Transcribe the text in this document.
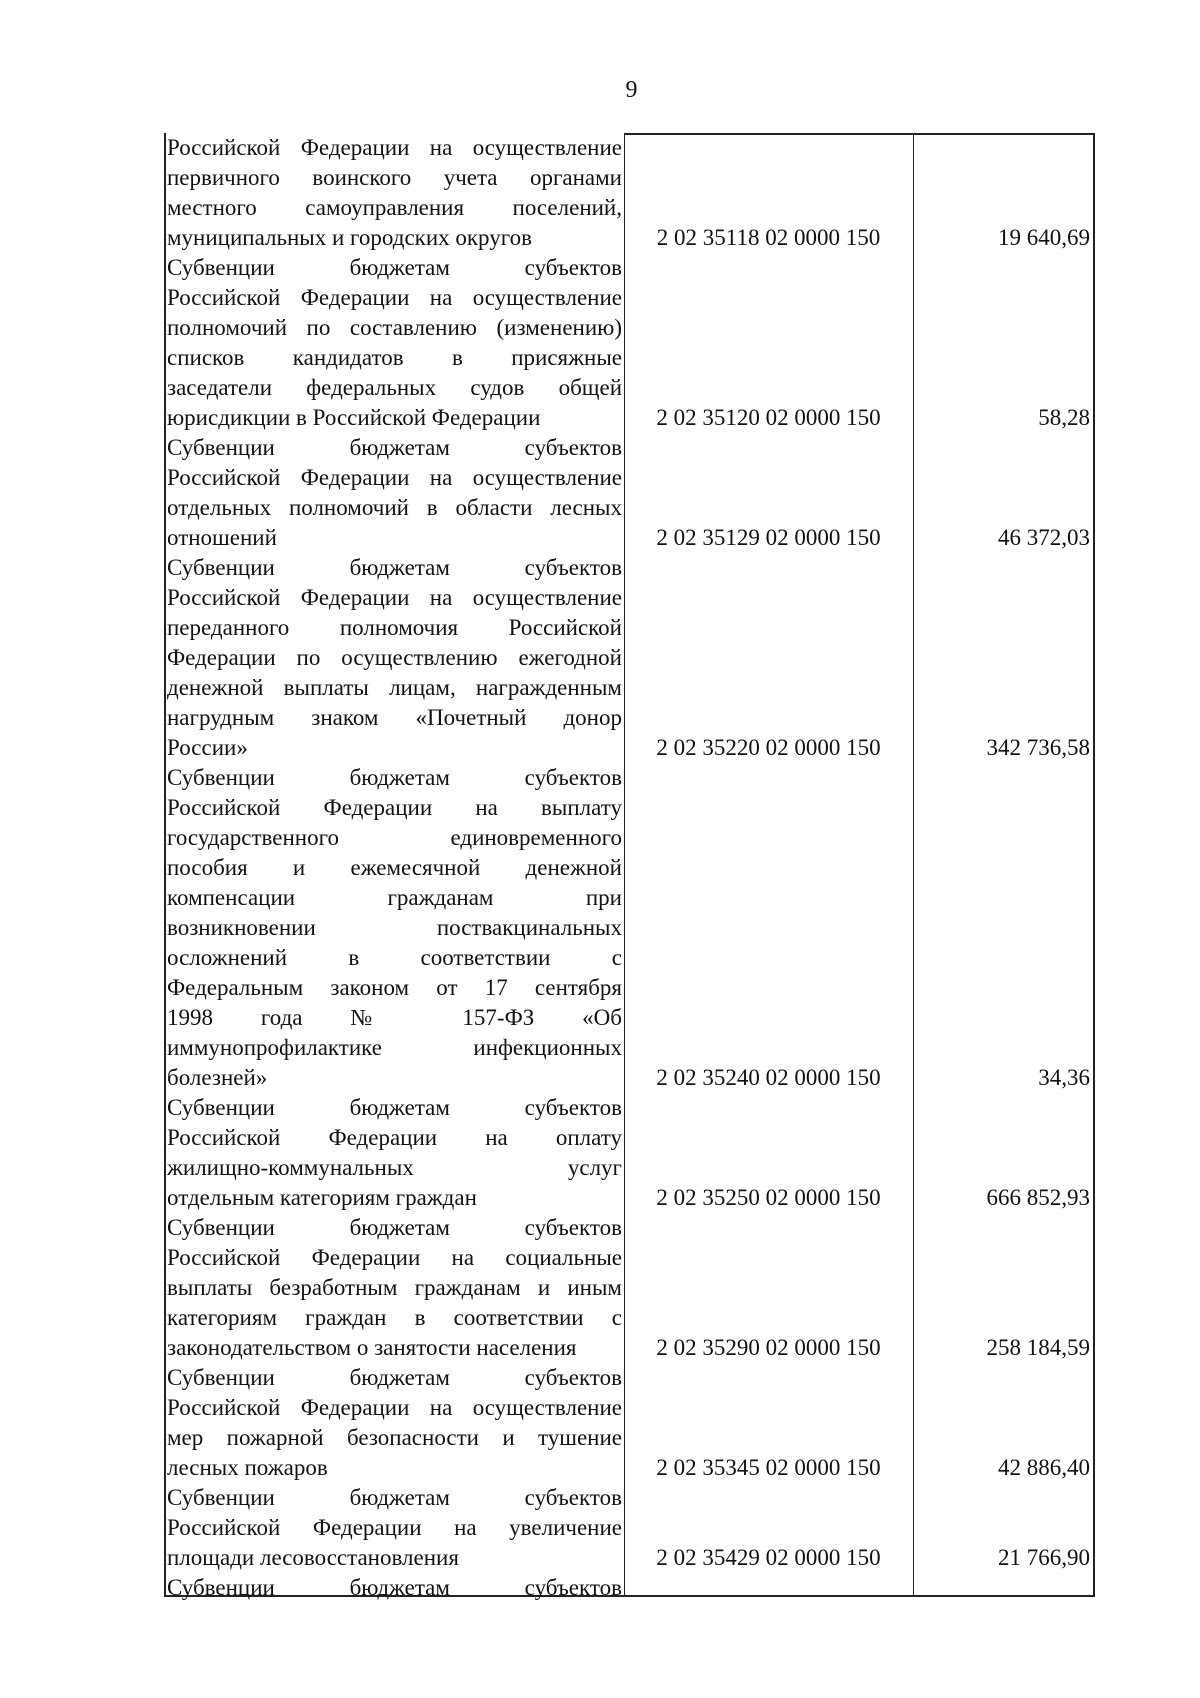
9
Российской Федерации на осуществление
первичного воинского учета органами
местного самоуправления поселений,
муниципальных и городских округов	2 02 35118 02 0000 150	19 640,69
Субвенции бюджетам субъектов
Российской Федерации на осуществление
полномочий по составлению (изменению)
списков кандидатов в присяжные
заседатели федеральных судов общей
юрисдикции в Российской Федерации	2 02 35120 02 0000 150	58,28
Субвенции бюджетам субъектов
Российской Федерации на осуществление
отдельных полномочий в области лесных
отношений	2 02 35129 02 0000 150	46 372,03
Субвенции бюджетам субъектов
Российской Федерации на осуществление
переданного полномочия Российской
Федерации по осуществлению ежегодной
денежной выплаты лицам, награжденным
нагрудным знаком «Почетный донор
России»	2 02 35220 02 0000 150	342 736,58
Субвенции бюджетам субъектов
Российской Федерации на выплату
государственного единовременного
пособия и ежемесячной денежной
компенсации гражданам при
возникновении поствакцинальных
осложнений в соответствии с
Федеральным законом от 17 сентября
1998 года № 157-ФЗ «Об
иммунопрофилактике инфекционных
болезней»	2 02 35240 02 0000 150	34,36
Субвенции бюджетам субъектов
Российской Федерации на оплату
жилищно-коммунальных услуг
отдельным категориям граждан	2 02 35250 02 0000 150	666 852,93
Субвенции бюджетам субъектов
Российской Федерации на социальные
выплаты безработным гражданам и иным
категориям граждан в соответствии с
законодательством о занятости населения	2 02 35290 02 0000 150	258 184,59
Субвенции бюджетам субъектов
Российской Федерации на осуществление
мер пожарной безопасности и тушение
лесных пожаров	2 02 35345 02 0000 150	42 886,40
Субвенции бюджетам субъектов
Российской Федерации на увеличение
площади лесовосстановления	2 02 35429 02 0000 150	21 766,90
Субвенции бюджетам субъектов
